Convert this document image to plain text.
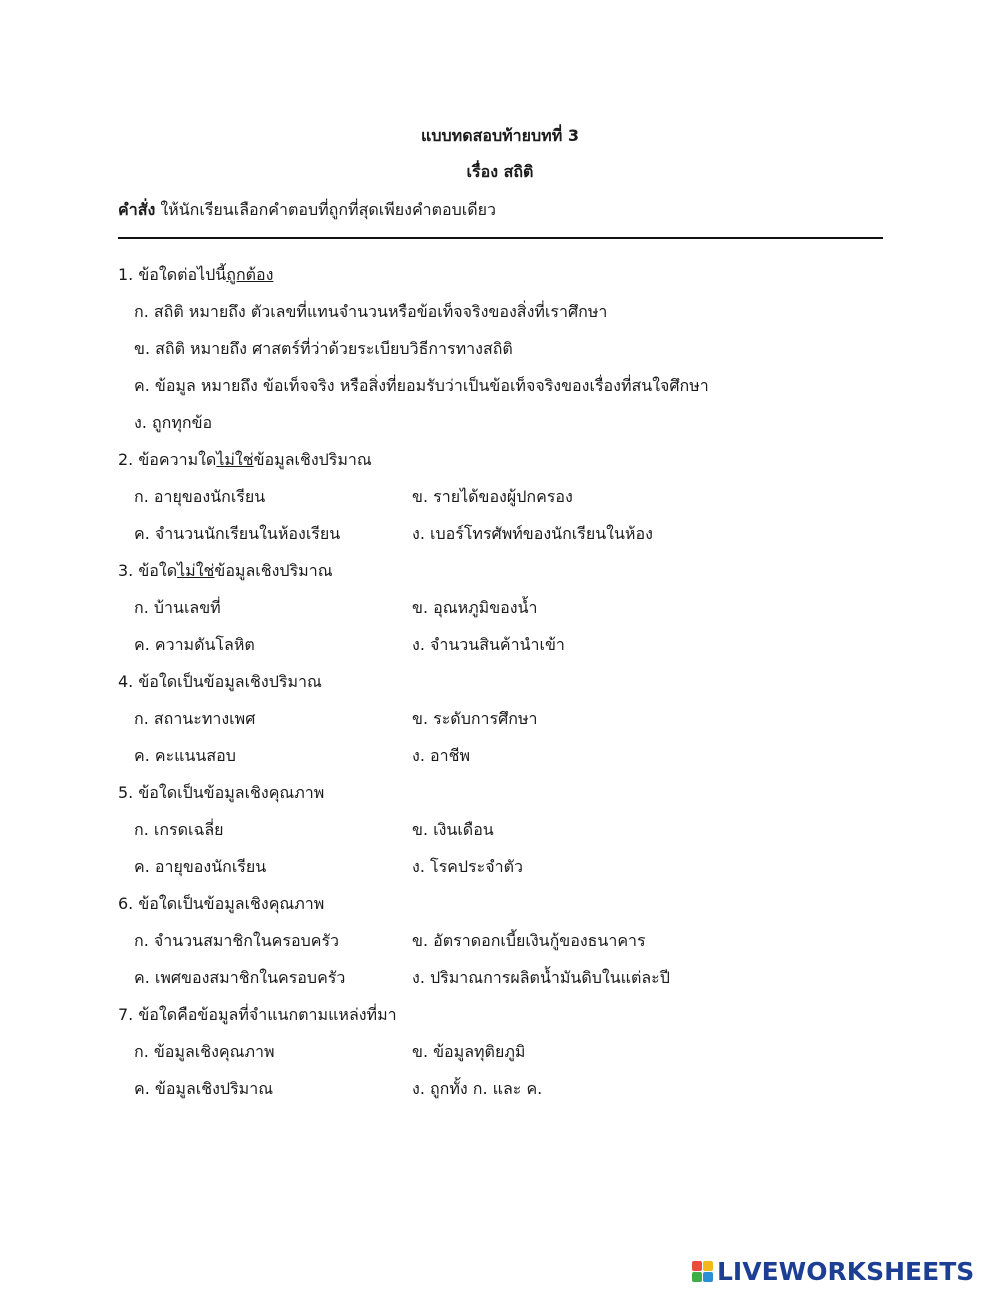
แบบทดสอบท้ายบทที่ 3
เรื่อง สถิติ
คำสั่ง ให้นักเรียนเลือกคำตอบที่ถูกที่สุดเพียงคำตอบเดียว
1. ข้อใดต่อไปนี้ถูกต้อง
ก. สถิติ หมายถึง ตัวเลขที่แทนจำนวนหรือข้อเท็จจริงของสิ่งที่เราศึกษา
ข. สถิติ หมายถึง ศาสตร์ที่ว่าด้วยระเบียบวิธีการทางสถิติ
ค. ข้อมูล หมายถึง ข้อเท็จจริง หรือสิ่งที่ยอมรับว่าเป็นข้อเท็จจริงของเรื่องที่สนใจศึกษา
ง. ถูกทุกข้อ
2. ข้อความใดไม่ใช่ข้อมูลเชิงปริมาณ
ก. อายุของนักเรียน	ข. รายได้ของผู้ปกครอง
ค. จำนวนนักเรียนในห้องเรียน	ง. เบอร์โทรศัพท์ของนักเรียนในห้อง
3. ข้อใดไม่ใช่ข้อมูลเชิงปริมาณ
ก. บ้านเลขที่	ข. อุณหภูมิของน้ำ
ค. ความดันโลหิต	ง. จำนวนสินค้านำเข้า
4. ข้อใดเป็นข้อมูลเชิงปริมาณ
ก. สถานะทางเพศ	ข. ระดับการศึกษา
ค. คะแนนสอบ	ง. อาชีพ
5. ข้อใดเป็นข้อมูลเชิงคุณภาพ
ก. เกรดเฉลี่ย	ข. เงินเดือน
ค. อายุของนักเรียน	ง. โรคประจำตัว
6. ข้อใดเป็นข้อมูลเชิงคุณภาพ
ก. จำนวนสมาชิกในครอบครัว	ข. อัตราดอกเบี้ยเงินกู้ของธนาคาร
ค. เพศของสมาชิกในครอบครัว	ง. ปริมาณการผลิตน้ำมันดิบในแต่ละปี
7. ข้อใดคือข้อมูลที่จำแนกตามแหล่งที่มา
ก. ข้อมูลเชิงคุณภาพ	ข. ข้อมูลทุติยภูมิ
ค. ข้อมูลเชิงปริมาณ	ง. ถูกทั้ง ก. และ ค.
LIVEWORKSHEETS
